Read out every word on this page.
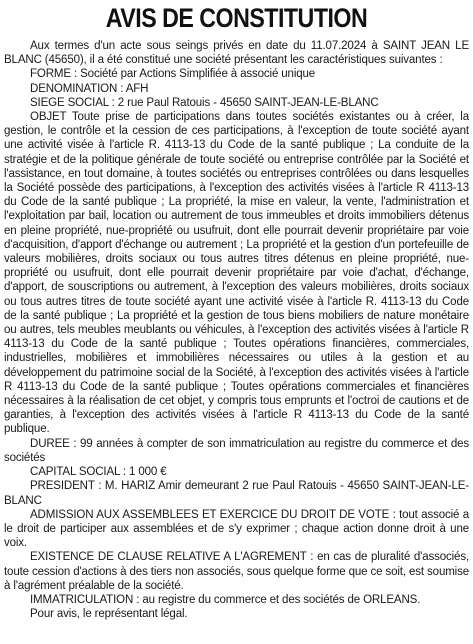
AVIS DE CONSTITUTION

Aux termes d'un acte sous seings privés en date du 11.07.2024 à SAINT JEAN LE BLANC (45650), il a été constitué une société présentant les caractéristiques suivantes :

FORME : Société par Actions Simplifiée à associé unique

DENOMINATION : AFH

SIEGE SOCIAL : 2 rue Paul Ratouis - 45650 SAINT-JEAN-LE-BLANC

OBJET Toute prise de participations dans toutes sociétés existantes ou à créer, la gestion, le contrôle et la cession de ces participations, à l'exception de toute société ayant une activité visée à l'article R. 4113-13 du Code de la santé publique ; La conduite de la stratégie et de la politique générale de toute société ou entreprise contrôlée par la Société et l'assistance, en tout domaine, à toutes sociétés ou entreprises contrôlées ou dans lesquelles la Société possède des participations, à l'exception des activités visées à l'article R 4113-13 du Code de la santé publique ; La propriété, la mise en valeur, la vente, l'administration et l'exploitation par bail, location ou autrement de tous immeubles et droits immobiliers détenus en pleine propriété, nue-propriété ou usufruit, dont elle pourrait devenir propriétaire par voie d'acquisition, d'apport d'échange ou autrement ; La propriété et la gestion d'un portefeuille de valeurs mobilières, droits sociaux ou tous autres titres détenus en pleine propriété, nue-propriété ou usufruit, dont elle pourrait devenir propriétaire par voie d'achat, d'échange, d'apport, de souscriptions ou autrement, à l'exception des valeurs mobilières, droits sociaux ou tous autres titres de toute société ayant une activité visée à l'article R. 4113-13 du Code de la santé publique ; La propriété et la gestion de tous biens mobiliers de nature monétaire ou autres, tels meubles meublants ou véhicules, à l'exception des activités visées à l'article R 4113-13 du Code de la santé publique ; Toutes opérations financières, commerciales, industrielles, mobilières et immobilières nécessaires ou utiles à la gestion et au développement du patrimoine social de la Société, à l'exception des activités visées à l'article R 4113-13 du Code de la santé publique ; Toutes opérations commerciales et financières nécessaires à la réalisation de cet objet, y compris tous emprunts et l'octroi de cautions et de garanties, à l'exception des activités visées à l'article R 4113-13 du Code de la santé publique.

DUREE : 99 années à compter de son immatriculation au registre du commerce et des sociétés

CAPITAL SOCIAL : 1 000 €

PRESIDENT : M. HARIZ Amir demeurant 2 rue Paul Ratouis - 45650 SAINT-JEAN-LE-BLANC

ADMISSION AUX ASSEMBLEES ET EXERCICE DU DROIT DE VOTE : tout associé a le droit de participer aux assemblées et de s'y exprimer ; chaque action donne droit à une voix.

EXISTENCE DE CLAUSE RELATIVE A L'AGREMENT : en cas de pluralité d'associés, toute cession d'actions à des tiers non associés, sous quelque forme que ce soit, est soumise à l'agrément préalable de la société.

IMMATRICULATION : au registre du commerce et des sociétés de ORLEANS.

Pour avis, le représentant légal.
